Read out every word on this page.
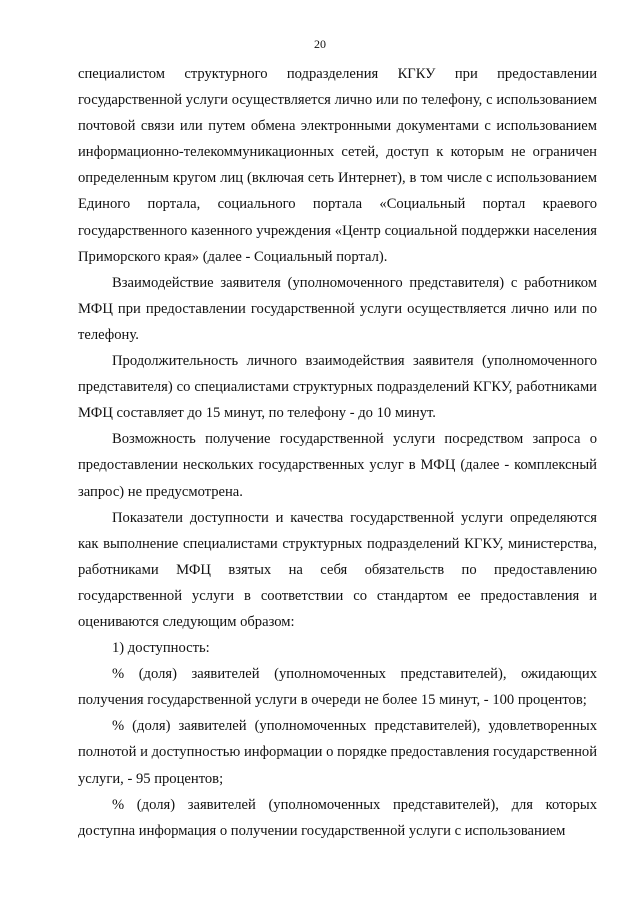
20

специалистом структурного подразделения КГКУ при предоставлении государственной услуги осуществляется лично или по телефону, с использованием почтовой связи или путем обмена электронными документами с использованием информационно-телекоммуникационных сетей, доступ к которым не ограничен определенным кругом лиц (включая сеть Интернет), в том числе с использованием Единого портала, социального портала «Социальный портал краевого государственного казенного учреждения «Центр социальной поддержки населения Приморского края» (далее - Социальный портал).

Взаимодействие заявителя (уполномоченного представителя) с работником МФЦ при предоставлении государственной услуги осуществляется лично или по телефону.

Продолжительность личного взаимодействия заявителя (уполномоченного представителя) со специалистами структурных подразделений КГКУ, работниками МФЦ составляет до 15 минут, по телефону - до 10 минут.

Возможность получение государственной услуги посредством запроса о предоставлении нескольких государственных услуг в МФЦ (далее - комплексный запрос) не предусмотрена.

Показатели доступности и качества государственной услуги определяются как выполнение специалистами структурных подразделений КГКУ, министерства, работниками МФЦ взятых на себя обязательств по предоставлению государственной услуги в соответствии со стандартом ее предоставления и оцениваются следующим образом:

1) доступность:

% (доля) заявителей (уполномоченных представителей), ожидающих получения государственной услуги в очереди не более 15 минут, - 100 процентов;

% (доля) заявителей (уполномоченных представителей), удовлетворенных полнотой и доступностью информации о порядке предоставления государственной услуги, - 95 процентов;

% (доля) заявителей (уполномоченных представителей), для которых доступна информация о получении государственной услуги с использованием
